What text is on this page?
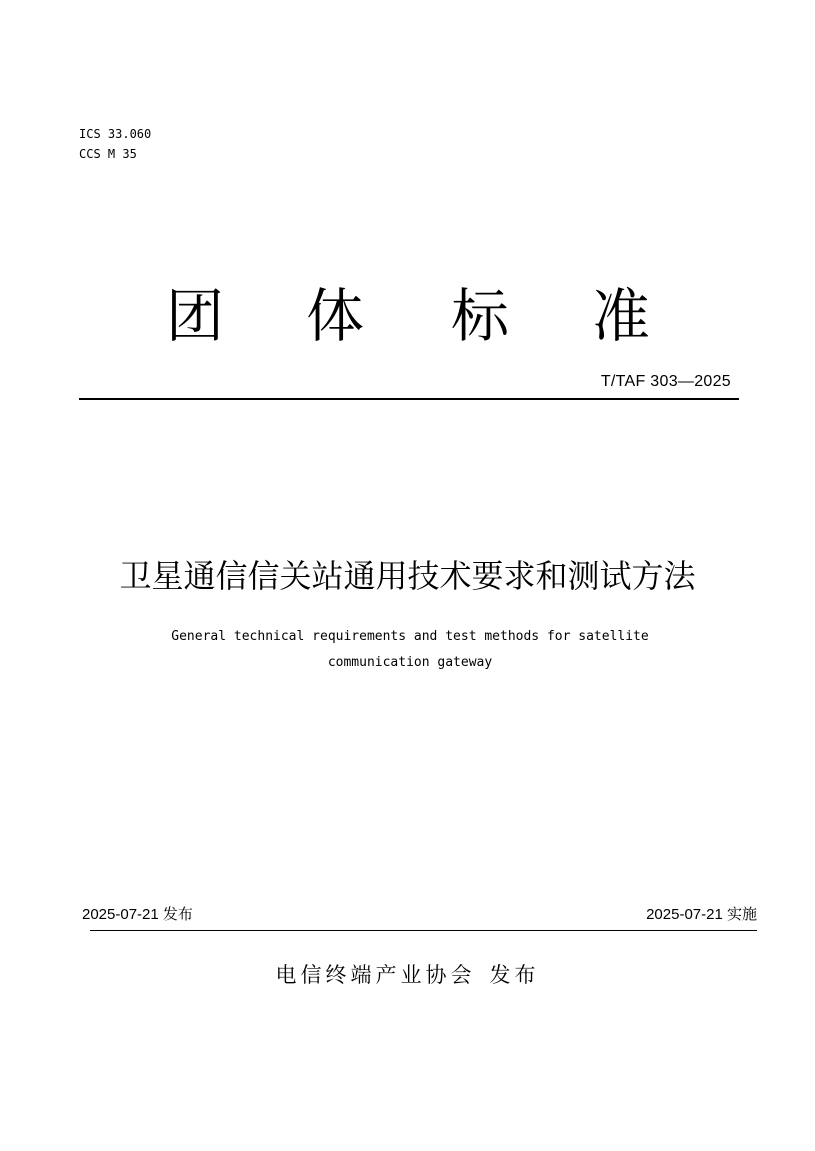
ICS 33.060
CCS M 35
团 体 标 准
T/TAF 303—2025
卫星通信信关站通用技术要求和测试方法
General technical requirements and test methods for satellite
communication gateway
2025-07-21 发布	2025-07-21 实施
电信终端产业协会 发布
